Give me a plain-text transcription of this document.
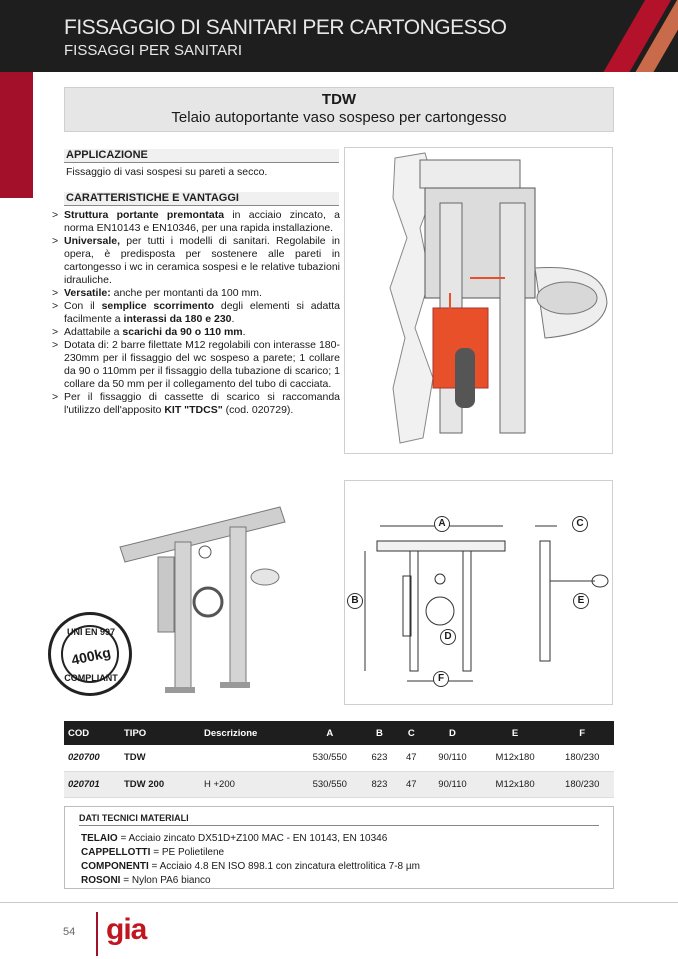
FISSAGGIO DI SANITARI PER CARTONGESSO
FISSAGGI PER SANITARI
TDW
Telaio autoportante vaso sospeso per cartongesso
APPLICAZIONE
Fissaggio di vasi sospesi su pareti a secco.
CARATTERISTICHE E VANTAGGI
> Struttura portante premontata in acciaio zincato, a norma EN10143 e EN10346, per una rapida installazione.
> Universale, per tutti i modelli di sanitari. Regolabile in opera, è predisposta per sostenere alle pareti in cartongesso i wc in ceramica sospesi e le relative tubazioni idrauliche.
> Versatile: anche per montanti da 100 mm.
> Con il semplice scorrimento degli elementi si adatta facilmente a interassi da 180 e 230.
> Adattabile a scarichi da 90 o 110 mm.
> Dotata di: 2 barre filettate M12 regolabili con interasse 180-230mm per il fissaggio del wc sospeso a parete; 1 collare da 90 o 110mm per il fissaggio della tubazione di scarico; 1 collare da 50 mm per il collegamento del tubo di cacciata.
> Per il fissaggio di cassette di scarico si raccomanda l'utilizzo dell'apposito KIT "TDCS" (cod. 020729).
UNI EN 997
400kg
COMPLIANT
A
B
C
D
E
F
COD	TIPO	Descrizione	A	B	C	D	E	F
020700	TDW		530/550	623	47	90/110	M12x180	180/230
020701	TDW 200	H +200	530/550	823	47	90/110	M12x180	180/230
DATI TECNICI MATERIALI
TELAIO = Acciaio zincato DX51D+Z100 MAC - EN 10143, EN 10346
CAPPELLOTTI = PE Polietilene
COMPONENTI = Acciaio 4.8 EN ISO 898.1 con zincatura elettrolitica 7-8 µm
ROSONI = Nylon PA6 bianco
54 gia
